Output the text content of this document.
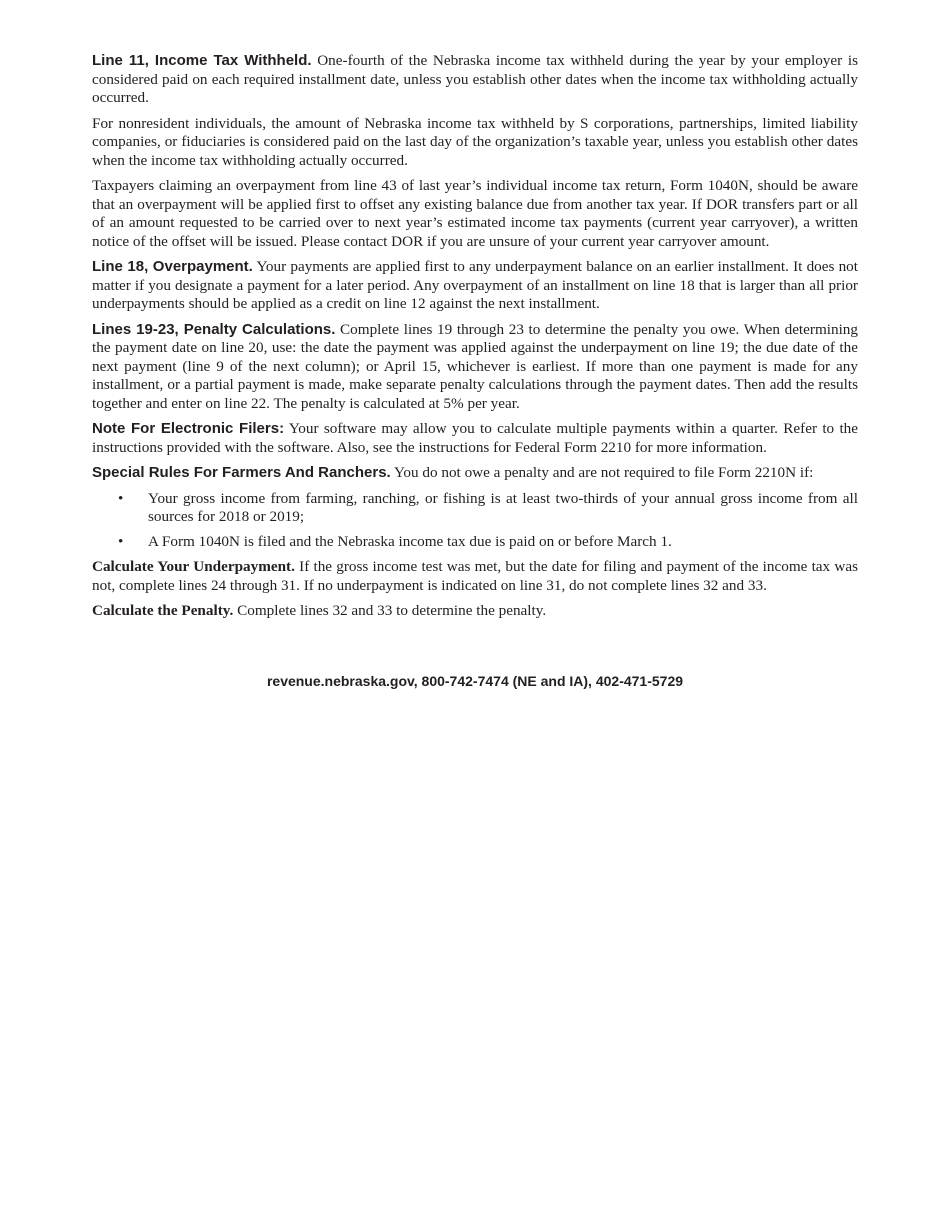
Line 11, Income Tax Withheld. One-fourth of the Nebraska income tax withheld during the year by your employer is considered paid on each required installment date, unless you establish other dates when the income tax withholding actually occurred.

For nonresident individuals, the amount of Nebraska income tax withheld by S corporations, partnerships, limited liability companies, or fiduciaries is considered paid on the last day of the organization’s taxable year, unless you establish other dates when the income tax withholding actually occurred.

Taxpayers claiming an overpayment from line 43 of last year’s individual income tax return, Form 1040N, should be aware that an overpayment will be applied first to offset any existing balance due from another tax year. If DOR transfers part or all of an amount requested to be carried over to next year’s estimated income tax payments (current year carryover), a written notice of the offset will be issued. Please contact DOR if you are unsure of your current year carryover amount.

Line 18, Overpayment. Your payments are applied first to any underpayment balance on an earlier installment. It does not matter if you designate a payment for a later period. Any overpayment of an installment on line 18 that is larger than all prior underpayments should be applied as a credit on line 12 against the next installment.

Lines 19-23, Penalty Calculations. Complete lines 19 through 23 to determine the penalty you owe. When determining the payment date on line 20, use: the date the payment was applied against the underpayment on line 19; the due date of the next payment (line 9 of the next column); or April 15, whichever is earliest. If more than one payment is made for any installment, or a partial payment is made, make separate penalty calculations through the payment dates. Then add the results together and enter on line 22. The penalty is calculated at 5% per year.

Note For Electronic Filers: Your software may allow you to calculate multiple payments within a quarter. Refer to the instructions provided with the software. Also, see the instructions for Federal Form 2210 for more information.

Special Rules For Farmers And Ranchers. You do not owe a penalty and are not required to file Form 2210N if:

• Your gross income from farming, ranching, or fishing is at least two-thirds of your annual gross income from all sources for 2018 or 2019;
• A Form 1040N is filed and the Nebraska income tax due is paid on or before March 1.

Calculate Your Underpayment. If the gross income test was met, but the date for filing and payment of the income tax was not, complete lines 24 through 31. If no underpayment is indicated on line 31, do not complete lines 32 and 33.

Calculate the Penalty. Complete lines 32 and 33 to determine the penalty.

revenue.nebraska.gov, 800-742-7474 (NE and IA), 402-471-5729
